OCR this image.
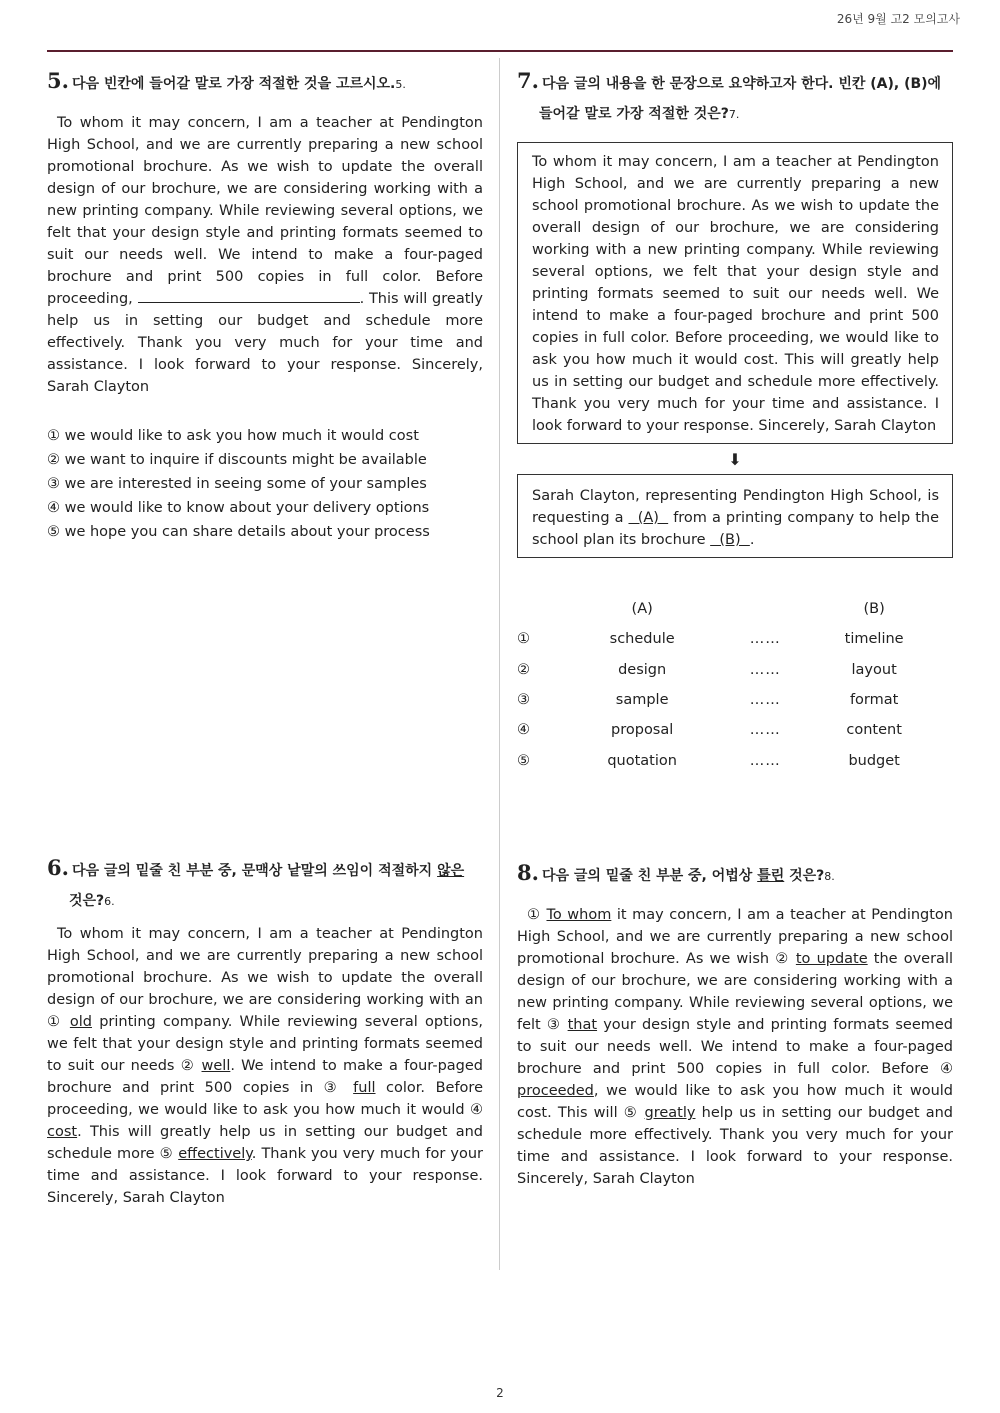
26년 9월 고2 모의고사

5. 다음 빈칸에 들어갈 말로 가장 적절한 것을 고르시오.5.

To whom it may concern, I am a teacher at Pendington High School, and we are currently preparing a new school promotional brochure. As we wish to update the overall design of our brochure, we are considering working with a new printing company. While reviewing several options, we felt that your design style and printing formats seemed to suit our needs well. We intend to make a four-paged brochure and print 500 copies in full color. Before proceeding,	. This will greatly help us in setting our budget and schedule more effectively. Thank you very much for your time and assistance. I look forward to your response. Sincerely, Sarah Clayton

① we would like to ask you how much it would cost
② we want to inquire if discounts might be available
③ we are interested in seeing some of your samples
④ we would like to know about your delivery options
⑤ we hope you can share details about your process

6. 다음 글의 밑줄 친 부분 중, 문맥상 낱말의 쓰임이 적절하지 않은
것은?6.

To whom it may concern, I am a teacher at Pendington High School, and we are currently preparing a new school promotional brochure. As we wish to update the overall design of our brochure, we are considering working with an ① old printing company. While reviewing several options, we felt that your design style and printing formats seemed to suit our needs ② well. We intend to make a four-paged brochure and print 500 copies in ③ full color. Before proceeding, we would like to ask you how much it would ④ cost. This will greatly help us in setting our budget and schedule more ⑤ effectively. Thank you very much for your time and assistance. I look forward to your response. Sincerely, Sarah Clayton

7. 다음 글의 내용을 한 문장으로 요약하고자 한다. 빈칸 (A), (B)에
들어갈 말로 가장 적절한 것은?7.

To whom it may concern, I am a teacher at Pendington High School, and we are currently preparing a new school promotional brochure. As we wish to update the overall design of our brochure, we are considering working with a new printing company. While reviewing several options, we felt that your design style and printing formats seemed to suit our needs well. We intend to make a four-paged brochure and print 500 copies in full color. Before proceeding, we would like to ask you how much it would cost. This will greatly help us in setting our budget and schedule more effectively. Thank you very much for your time and assistance. I look forward to your response. Sincerely, Sarah Clayton

⬇

Sarah Clayton, representing Pendington High School, is requesting a   (A)   from a printing company to help the school plan its brochure   (B)  .

	(A)		(B)
①	schedule	……	timeline
②	design	……	layout
③	sample	……	format
④	proposal	……	content
⑤	quotation	……	budget

8. 다음 글의 밑줄 친 부분 중, 어법상 틀린 것은?8.

① To whom it may concern, I am a teacher at Pendington High School, and we are currently preparing a new school promotional brochure. As we wish ② to update the overall design of our brochure, we are considering working with a new printing company. While reviewing several options, we felt ③ that your design style and printing formats seemed to suit our needs well. We intend to make a four-paged brochure and print 500 copies in full color. Before ④ proceeded, we would like to ask you how much it would cost. This will ⑤ greatly help us in setting our budget and schedule more effectively. Thank you very much for your time and assistance. I look forward to your response. Sincerely, Sarah Clayton

2
